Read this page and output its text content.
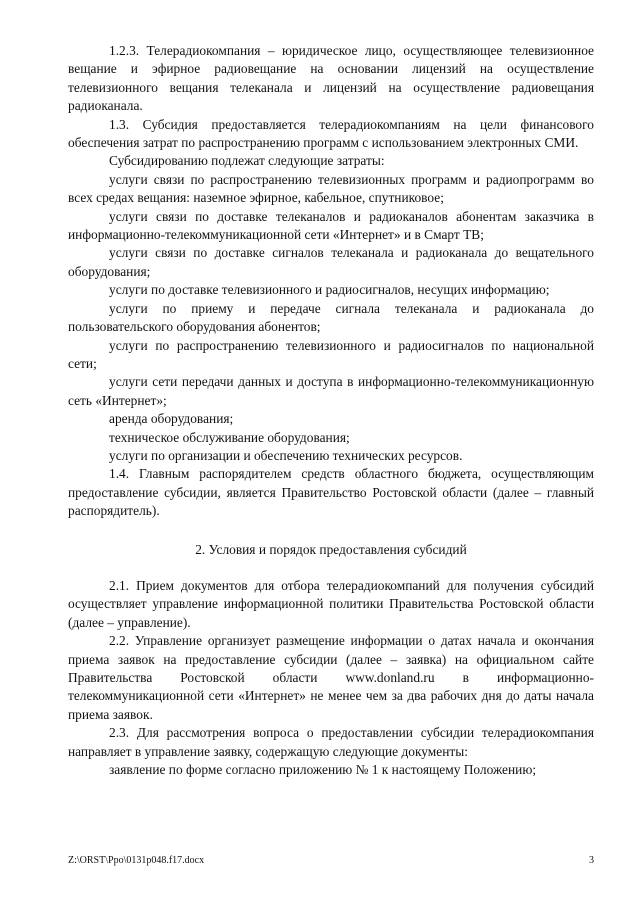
1.2.3. Телерадиокомпания – юридическое лицо, осуществляющее телевизионное вещание и эфирное радиовещание на основании лицензий на осуществление телевизионного вещания телеканала и лицензий на осуществление радиовещания радиоканала.

1.3. Субсидия предоставляется телерадиокомпаниям на цели финансового обеспечения затрат по распространению программ с использованием электронных СМИ.

Субсидированию подлежат следующие затраты:

услуги связи по распространению телевизионных программ и радиопрограмм во всех средах вещания: наземное эфирное, кабельное, спутниковое;

услуги связи по доставке телеканалов и радиоканалов абонентам заказчика в информационно-телекоммуникационной сети «Интернет» и в Смарт ТВ;

услуги связи по доставке сигналов телеканала и радиоканала до вещательного оборудования;

услуги по доставке телевизионного и радиосигналов, несущих информацию;

услуги по приему и передаче сигнала телеканала и радиоканала до пользовательского оборудования абонентов;

услуги по распространению телевизионного и радиосигналов по национальной сети;

услуги сети передачи данных и доступа в информационно-телекоммуникационную сеть «Интернет»;

аренда оборудования;

техническое обслуживание оборудования;

услуги по организации и обеспечению технических ресурсов.

1.4. Главным распорядителем средств областного бюджета, осуществляющим предоставление субсидии, является Правительство Ростовской области (далее – главный распорядитель).

2. Условия и порядок предоставления субсидий

2.1. Прием документов для отбора телерадиокомпаний для получения субсидий осуществляет управление информационной политики Правительства Ростовской области (далее – управление).

2.2. Управление организует размещение информации о датах начала и окончания приема заявок на предоставление субсидии (далее – заявка) на официальном сайте Правительства Ростовской области www.donland.ru в информационно-телекоммуникационной сети «Интернет» не менее чем за два рабочих дня до даты начала приема заявок.

2.3. Для рассмотрения вопроса о предоставлении субсидии телерадиокомпания направляет в управление заявку, содержащую следующие документы:

заявление по форме согласно приложению № 1 к настоящему Положению;

Z:\ORST\Ppo\0131p048.f17.docx	3
